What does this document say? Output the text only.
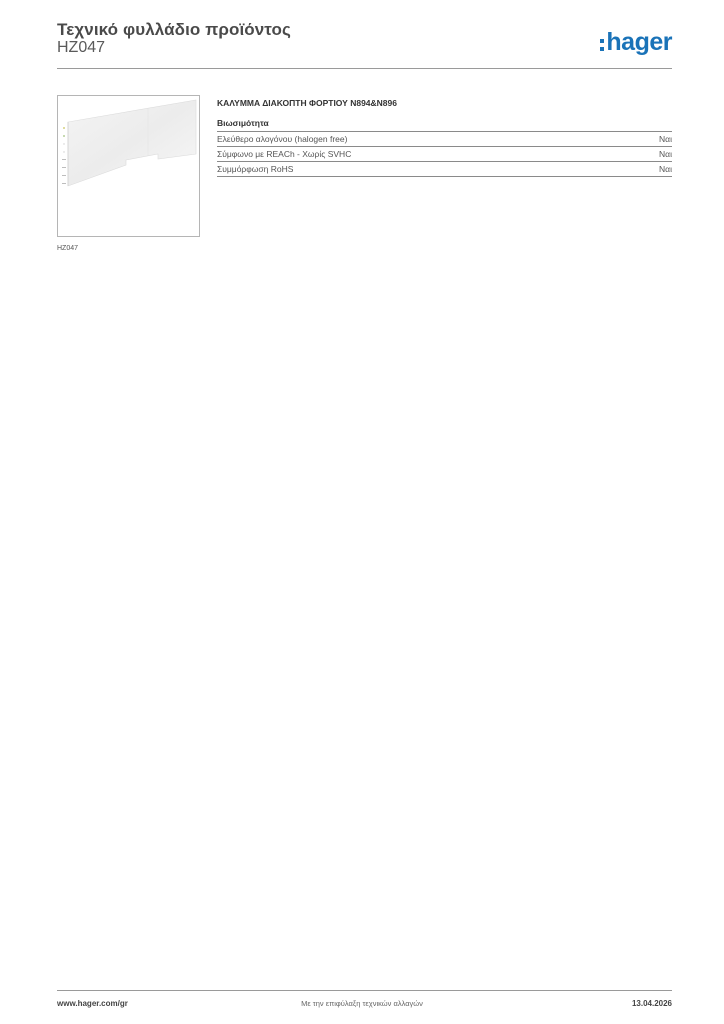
Τεχνικό φυλλάδιο προϊόντος
HZ047	hager
HZ047
ΚΑΛΥΜΜΑ ΔΙΑΚΟΠΤΗ ΦΟΡΤΙΟΥ N894&N896
Βιωσιμότητα
Ελεύθερο αλογόνου (halogen free)	Ναι
Σύμφωνο με REACh - Χωρίς SVHC	Ναι
Συμμόρφωση RoHS	Ναι
www.hager.com/gr	Με την επιφύλαξη τεχνικών αλλαγών	13.04.2026
